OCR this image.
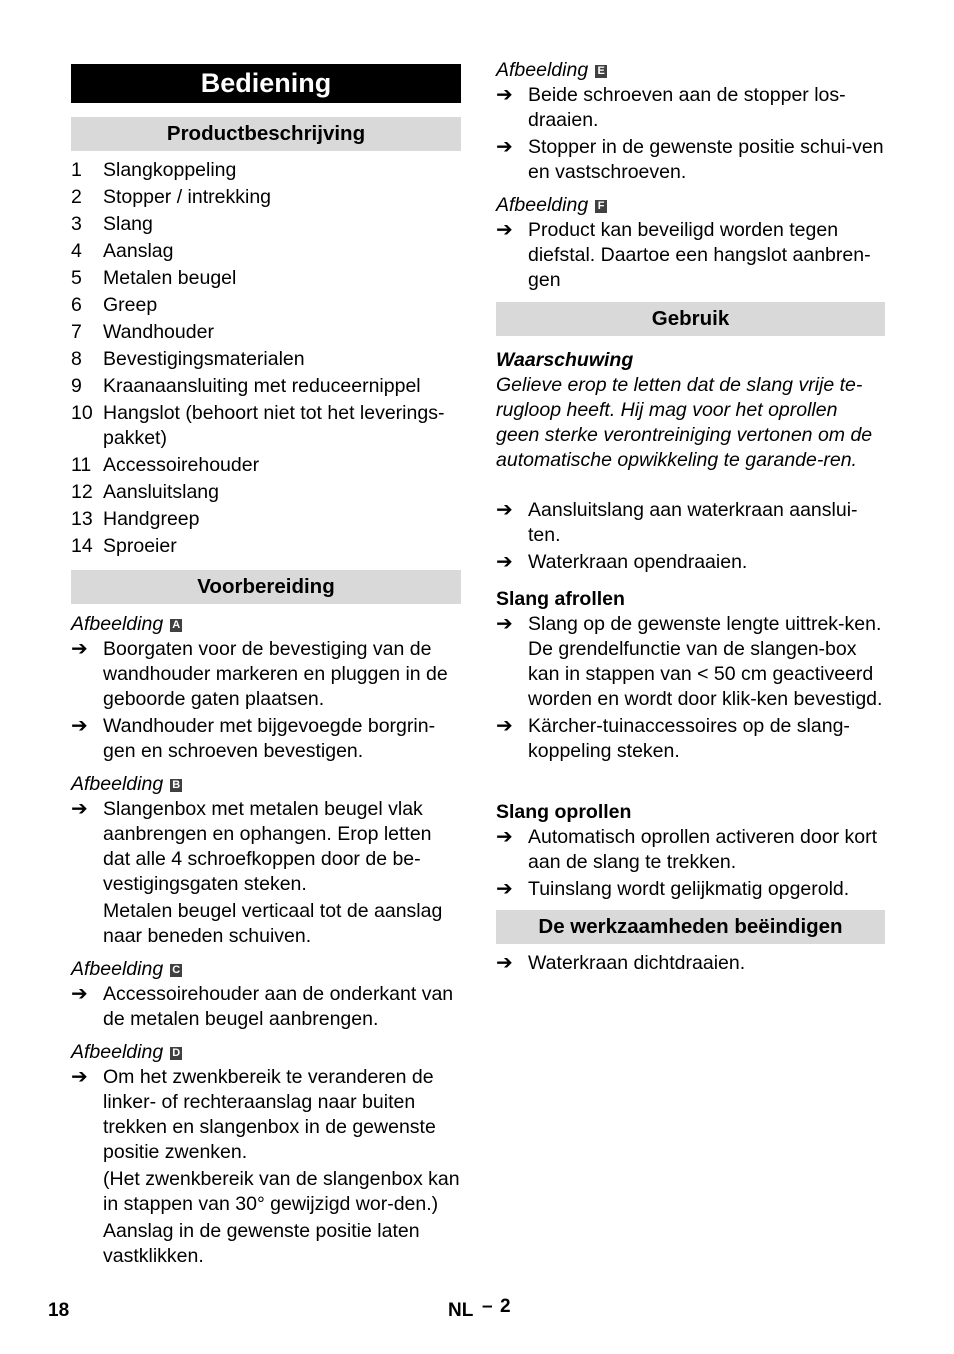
Bediening
Productbeschrijving
1	Slangkoppeling
2	Stopper / intrekking
3	Slang
4	Aanslag
5	Metalen beugel
6	Greep
7	Wandhouder
8	Bevestigingsmaterialen
9	Kraanaansluiting met reduceernippel
10 Hangslot (behoort niet tot het leverings-pakket)
11 Accessoirehouder
12 Aansluitslang
13 Handgreep
14 Sproeier
Voorbereiding
Afbeelding A
➔ Boorgaten voor de bevestiging van de wandhouder markeren en pluggen in de geboorde gaten plaatsen.
➔ Wandhouder met bijgevoegde borgrin-gen en schroeven bevestigen.
Afbeelding B
➔ Slangenbox met metalen beugel vlak aanbrengen en ophangen. Erop letten dat alle 4 schroefkoppen door de be-vestigingsgaten steken.
Metalen beugel verticaal tot de aanslag naar beneden schuiven.
Afbeelding C
➔ Accessoirehouder aan de onderkant van de metalen beugel aanbrengen.
Afbeelding D
➔ Om het zwenkbereik te veranderen de linker- of rechteraanslag naar buiten trekken en slangenbox in de gewenste positie zwenken.
(Het zwenkbereik van de slangenbox kan in stappen van 30° gewijzigd wor-den.)
Aanslag in de gewenste positie laten vastklikken.
Afbeelding E
➔ Beide schroeven aan de stopper los-draaien.
➔ Stopper in de gewenste positie schui-ven en vastschroeven.
Afbeelding F
➔ Product kan beveiligd worden tegen diefstal. Daartoe een hangslot aanbren-gen
Gebruik
Waarschuwing
Gelieve erop te letten dat de slang vrije te-rugloop heeft. Hij mag voor het oprollen geen sterke verontreiniging vertonen om de automatische opwikkeling te garande-ren.
➔ Aansluitslang aan waterkraan aanslui-ten.
➔ Waterkraan opendraaien.
Slang afrollen
➔ Slang op de gewenste lengte uittrek-ken. De grendelfunctie van de slangen-box kan in stappen van < 50 cm geactiveerd worden en wordt door klik-ken bevestigd.
➔ Kärcher-tuinaccessoires op de slang-koppeling steken.
Slang oprollen
➔ Automatisch oprollen activeren door kort aan de slang te trekken.
➔ Tuinslang wordt gelijkmatig opgerold.
De werkzaamheden beëindigen
➔ Waterkraan dichtdraaien.
18	NL – 2
